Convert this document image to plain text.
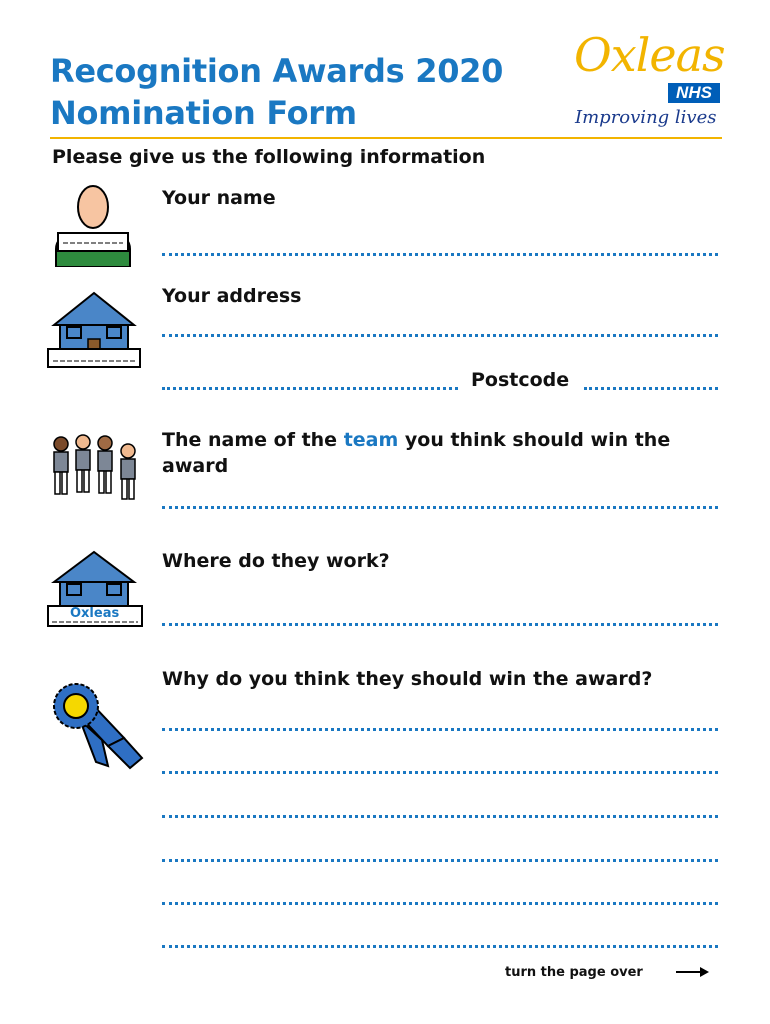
Recognition Awards 2020
Nomination Form
Oxleas
NHS
Improving lives
Please give us the following information
Your name
Your address
Postcode
The name of the team you think should win the award
Oxleas
Where do they work?
Why do you think they should win the award?
turn the page over
